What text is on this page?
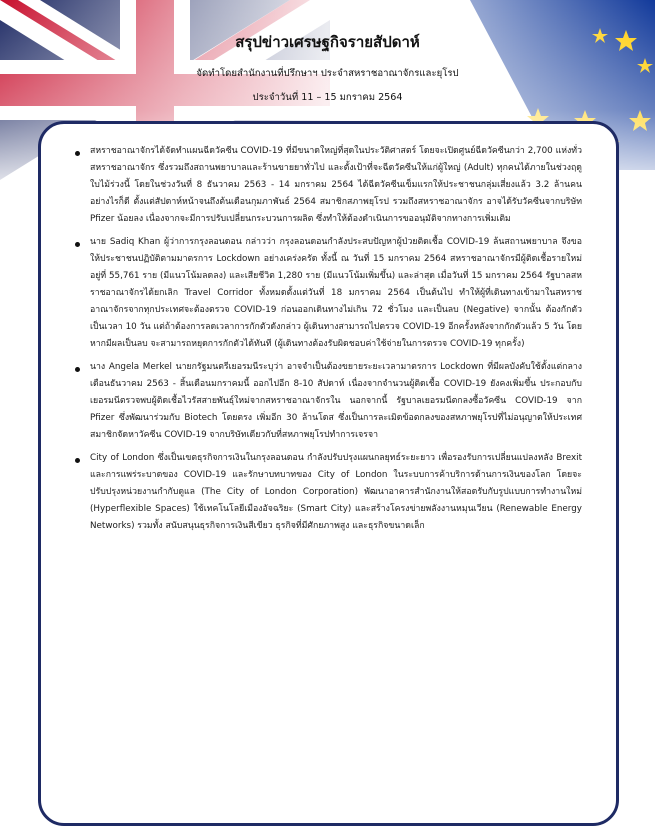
สรุปข่าวเศรษฐกิจรายสัปดาห์
จัดทำโดยสำนักงานที่ปรึกษาฯ ประจำสหราชอาณาจักรและยุโรป
ประจำวันที่ 11 – 15 มกราคม 2564
สหราชอาณาจักรได้จัดทำแผนฉีดวัคซีน COVID-19 ที่มีขนาดใหญ่ที่สุดในประวัติศาสตร์ โดยจะเปิดศูนย์ฉีดวัคซีนกว่า 2,700 แห่งทั่วสหราชอาณาจักร ซึ่งรวมถึงสถานพยาบาลและร้านขายยาทั่วไป และตั้งเป้าที่จะฉีดวัคซีนให้แก่ผู้ใหญ่ (Adult) ทุกคนได้ภายในช่วงฤดูใบไม้ร่วงนี้ โดยในช่วงวันที่ 8 ธันวาคม 2563 - 14 มกราคม 2564 ได้ฉีดวัคซีนเข็มแรกให้ประชาชนกลุ่มเสี่ยงแล้ว 3.2 ล้านคน อย่างไรก็ดี ตั้งแต่สัปดาห์หน้าจนถึงต้นเดือนกุมภาพันธ์ 2564 สมาชิกสภาพยุโรป รวมถึงสหราชอาณาจักร อาจได้รับวัคซีนจากบริษัท Pfizer น้อยลง เนื่องจากจะมีการปรับเปลี่ยนกระบวนการผลิต ซึ่งทำให้ต้องดำเนินการขออนุมัติจากทางการเพิ่มเติม
นาย Sadiq Khan ผู้ว่าการกรุงลอนดอน กล่าวว่า กรุงลอนดอนกำลังประสบปัญหาผู้ป่วยติดเชื้อ COVID-19 ล้นสถานพยาบาล จึงขอให้ประชาชนปฏิบัติตามมาตรการ Lockdown อย่างเคร่งครัด ทั้งนี้ ณ วันที่ 15 มกราคม 2564 สหราชอาณาจักรมีผู้ติดเชื้อรายใหม่อยู่ที่ 55,761 ราย (มีแนวโน้มลดลง) และเสียชีวิต 1,280 ราย (มีแนวโน้มเพิ่มขึ้น) และล่าสุด เมื่อวันที่ 15 มกราคม 2564 รัฐบาลสหราชอาณาจักรได้ยกเลิก Travel Corridor ทั้งหมดตั้งแต่วันที่ 18 มกราคม 2564 เป็นต้นไป ทำให้ผู้ที่เดินทางเข้ามาในสหราชอาณาจักรจากทุกประเทศจะต้องตรวจ COVID-19 ก่อนออกเดินทางไม่เกิน 72 ชั่วโมง และเป็นลบ (Negative) จากนั้น ต้องกักตัวเป็นเวลา 10 วัน แต่ถ้าต้องการลดเวลาการกักตัวดังกล่าว ผู้เดินทางสามารถไปตรวจ COVID-19 อีกครั้งหลังจากกักตัวแล้ว 5 วัน โดยหากมีผลเป็นลบ จะสามารถหยุดการกักตัวได้ทันที (ผู้เดินทางต้องรับผิดชอบค่าใช้จ่ายในการตรวจ COVID-19 ทุกครั้ง)
นาง Angela Merkel นายกรัฐมนตรีเยอรมนีระบุว่า อาจจำเป็นต้องขยายระยะเวลามาตรการ Lockdown ที่มีผลบังคับใช้ตั้งแต่กลางเดือนธันวาคม 2563 - สิ้นเดือนมกราคมนี้ ออกไปอีก 8-10 สัปดาห์ เนื่องจากจำนวนผู้ติดเชื้อ COVID-19 ยังคงเพิ่มขึ้น ประกอบกับเยอรมนีตรวจพบผู้ติดเชื้อไวรัสสายพันธุ์ใหม่จากสหราชอาณาจักรใน นอกจากนี้ รัฐบาลเยอรมนีตกลงซื้อวัคซีน COVID-19 จาก Pfizer ซึ่งพัฒนาร่วมกับ Biotech โดยตรง เพิ่มอีก 30 ล้านโดส ซึ่งเป็นการละเมิดข้อตกลงของสหภาพยุโรปที่ไม่อนุญาตให้ประเทศสมาชิกจัดหาวัคซีน COVID-19 จากบริษัทเดียวกับที่สหภาพยุโรปทำการเจรจา
City of London ซึ่งเป็นเขตธุรกิจการเงินในกรุงลอนดอน กำลังปรับปรุงแผนกลยุทธ์ระยะยาว เพื่อรองรับการเปลี่ยนแปลงหลัง Brexit และการแพร่ระบาดของ COVID-19 และรักษาบทบาทของ City of London ในระบบการค้าบริการด้านการเงินของโลก โดยจะปรับปรุงหน่วยงานกำกับดูแล (The City of London Corporation) พัฒนาอาคารสำนักงานให้สอดรับกับรูปแบบการทำงานใหม่ (Hyperflexible Spaces) ใช้เทคโนโลยีเมืองอัจฉริยะ (Smart City) และสร้างโครงข่ายพลังงานหมุนเวียน (Renewable Energy Networks) รวมทั้ง สนับสนุนธุรกิจการเงินสีเขียว ธุรกิจที่มีศักยภาพสูง และธุรกิจขนาดเล็ก
